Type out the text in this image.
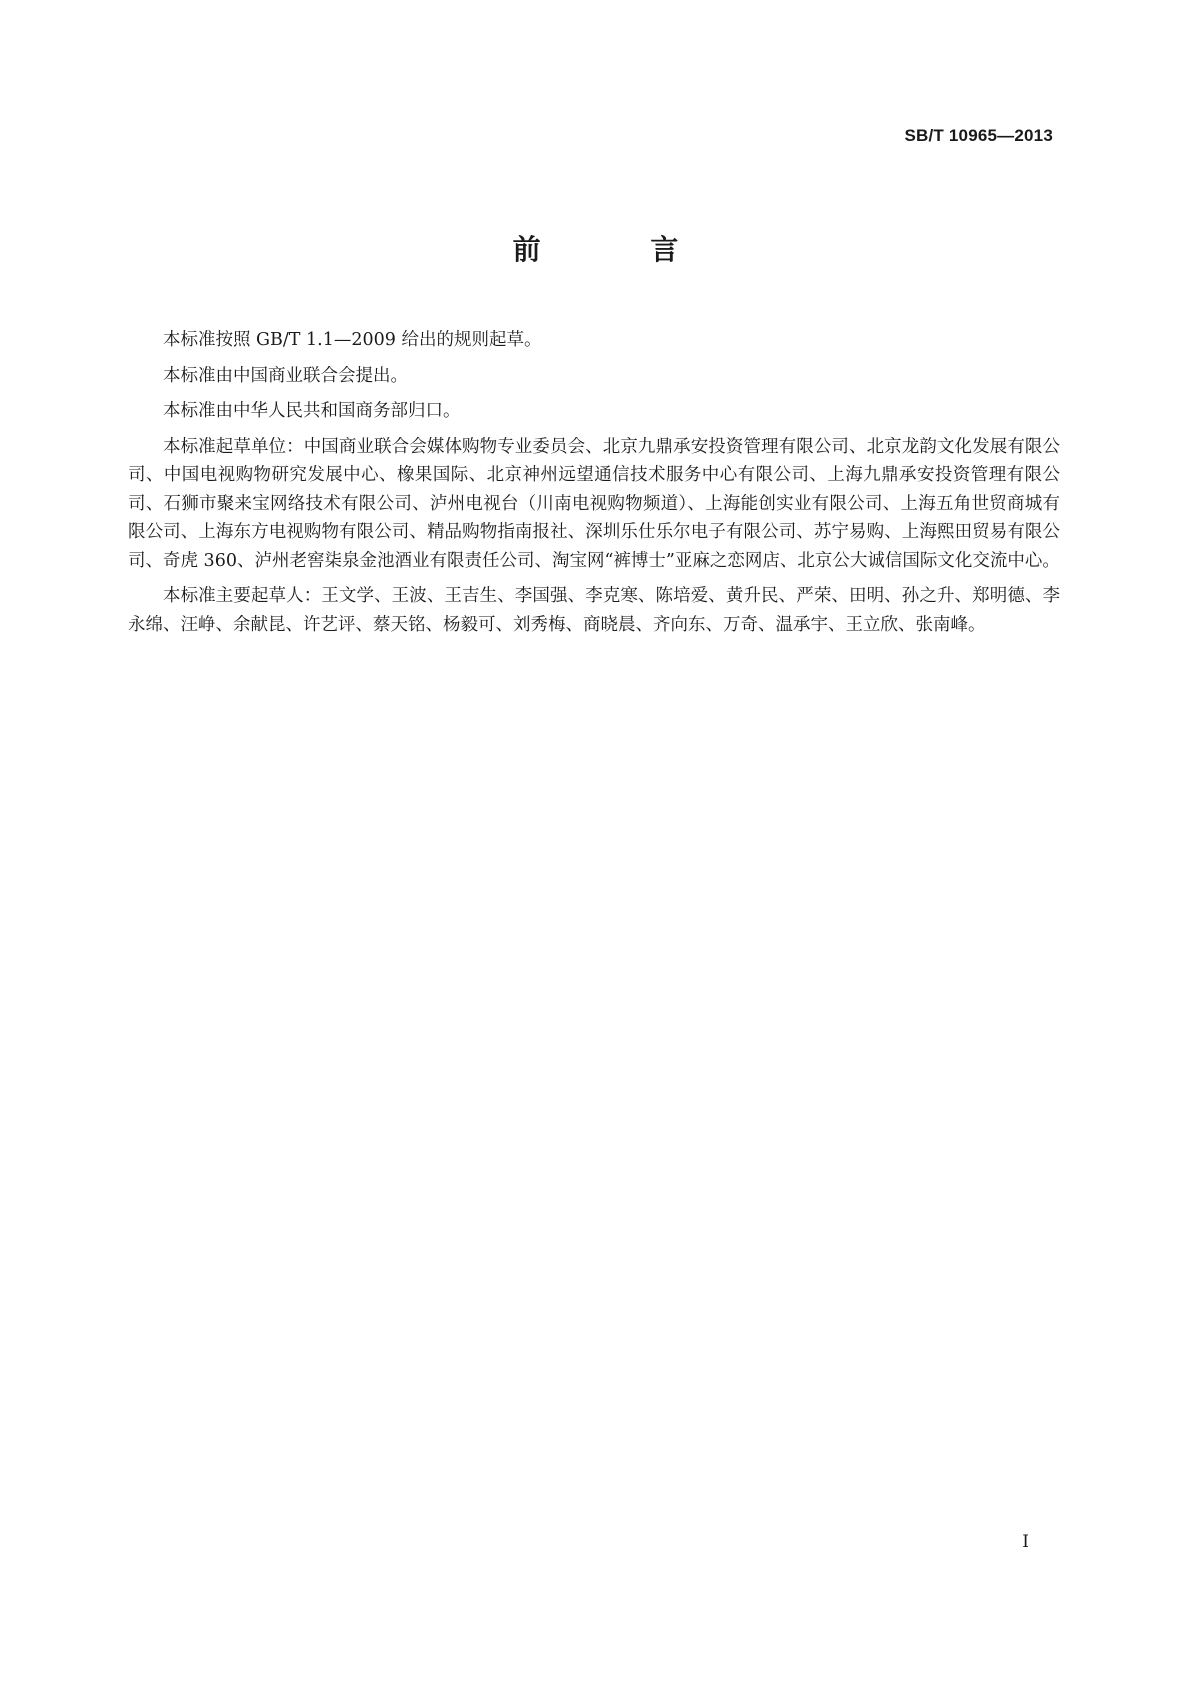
SB/T 10965—2013
前 言

本标准按照 GB/T 1.1—2009 给出的规则起草。

本标准由中国商业联合会提出。

本标准由中华人民共和国商务部归口。

本标准起草单位：中国商业联合会媒体购物专业委员会、北京九鼎承安投资管理有限公司、北京龙韵文化发展有限公司、中国电视购物研究发展中心、橡果国际、北京神州远望通信技术服务中心有限公司、上海九鼎承安投资管理有限公司、石狮市聚来宝网络技术有限公司、泸州电视台（川南电视购物频道）、上海能创实业有限公司、上海五角世贸商城有限公司、上海东方电视购物有限公司、精品购物指南报社、深圳乐仕乐尔电子有限公司、苏宁易购、上海熙田贸易有限公司、奇虎 360、泸州老窖柒泉金池酒业有限责任公司、淘宝网“裤博士”亚麻之恋网店、北京公大诚信国际文化交流中心。

本标准主要起草人：王文学、王波、王吉生、李国强、李克寒、陈培爱、黄升民、严荣、田明、孙之升、郑明德、李永绵、汪峥、余献昆、许艺评、蔡天铭、杨毅可、刘秀梅、商晓晨、齐向东、万奇、温承宇、王立欣、张南峰。

I
